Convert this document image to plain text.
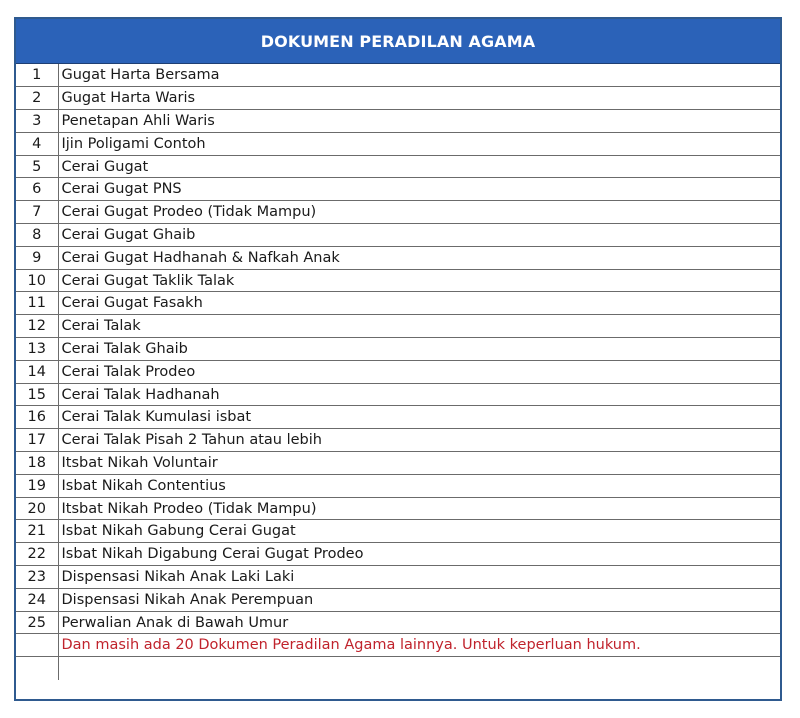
DOKUMEN PERADILAN AGAMA
1	Gugat Harta Bersama
2	Gugat Harta Waris
3	Penetapan Ahli Waris
4	Ijin Poligami Contoh
5	Cerai Gugat
6	Cerai Gugat PNS
7	Cerai Gugat Prodeo (Tidak Mampu)
8	Cerai Gugat Ghaib
9	Cerai Gugat Hadhanah & Nafkah Anak
10	Cerai Gugat Taklik Talak
11	Cerai Gugat Fasakh
12	Cerai Talak
13	Cerai Talak Ghaib
14	Cerai Talak Prodeo
15	Cerai Talak Hadhanah
16	Cerai Talak Kumulasi isbat
17	Cerai Talak Pisah 2 Tahun atau lebih
18	Itsbat Nikah Voluntair
19	Isbat Nikah Contentius
20	Itsbat Nikah Prodeo (Tidak Mampu)
21	Isbat Nikah Gabung Cerai Gugat
22	Isbat Nikah Digabung Cerai Gugat Prodeo
23	Dispensasi Nikah Anak Laki Laki
24	Dispensasi Nikah Anak Perempuan
25	Perwalian Anak di Bawah Umur
	Dan masih ada 20 Dokumen Peradilan Agama lainnya. Untuk keperluan hukum.
